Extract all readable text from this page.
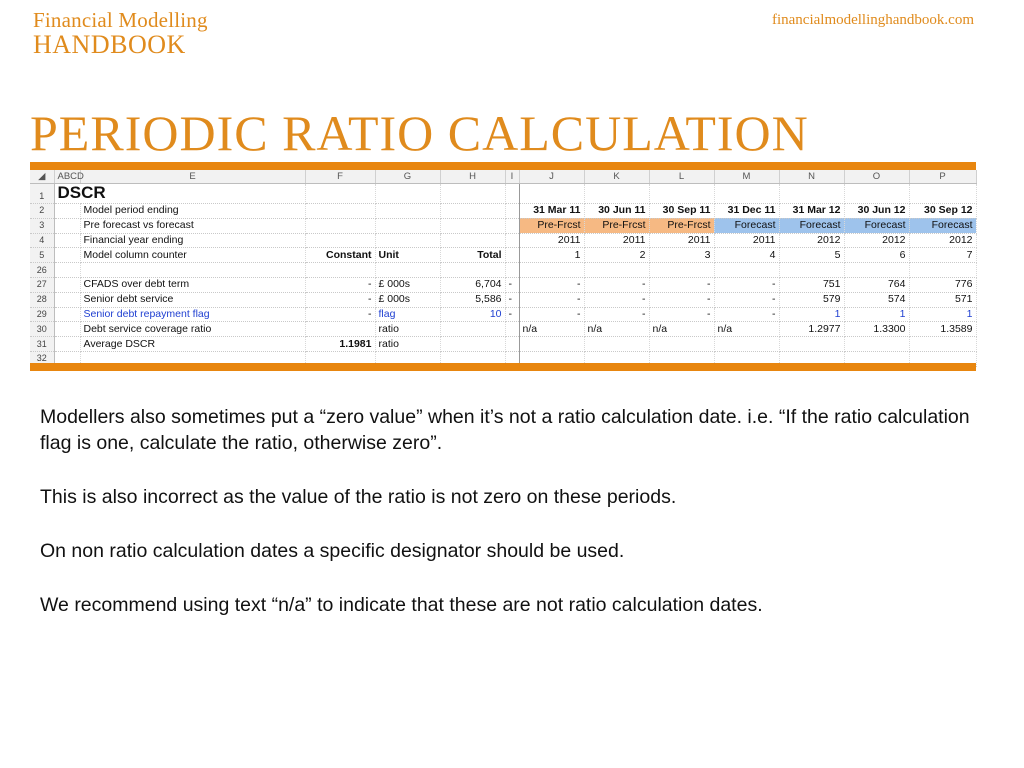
Financial Modelling
HANDBOOK
financialmodellinghandbook.com
PERIODIC RATIO CALCULATION
◢	ABCD	E	F	G	H	I	J	K	L	M	N	O	P
1	DSCR												
2		Model period ending					31 Mar 11	30 Jun 11	30 Sep 11	31 Dec 11	31 Mar 12	30 Jun 12	30 Sep 12
3		Pre forecast vs forecast					Pre-Frcst	Pre-Frcst	Pre-Frcst	Forecast	Forecast	Forecast	Forecast
4		Financial year ending					2011	2011	2011	2011	2012	2012	2012
5		Model column counter	Constant	Unit	Total		1	2	3	4	5	6	7
26													
27		CFADS over debt term	-	£ 000s	6,704	-	-	-	-	-	751	764	776
28		Senior debt service	-	£ 000s	5,586	-	-	-	-	-	579	574	571
29		Senior debt repayment flag	-	flag	10	-	-	-	-	-	1	1	1
30		Debt service coverage ratio		ratio			n/a	n/a	n/a	n/a	1.2977	1.3300	1.3589
31		Average DSCR	1.1981	ratio									
32													

Modellers also sometimes put a “zero value” when it’s not a ratio calculation date. i.e. “If the ratio calculation flag is one, calculate the ratio, otherwise zero”.

This is also incorrect as the value of the ratio is not zero on these periods.

On non ratio calculation dates a specific designator should be used.

We recommend using text “n/a” to indicate that these are not ratio calculation dates.
